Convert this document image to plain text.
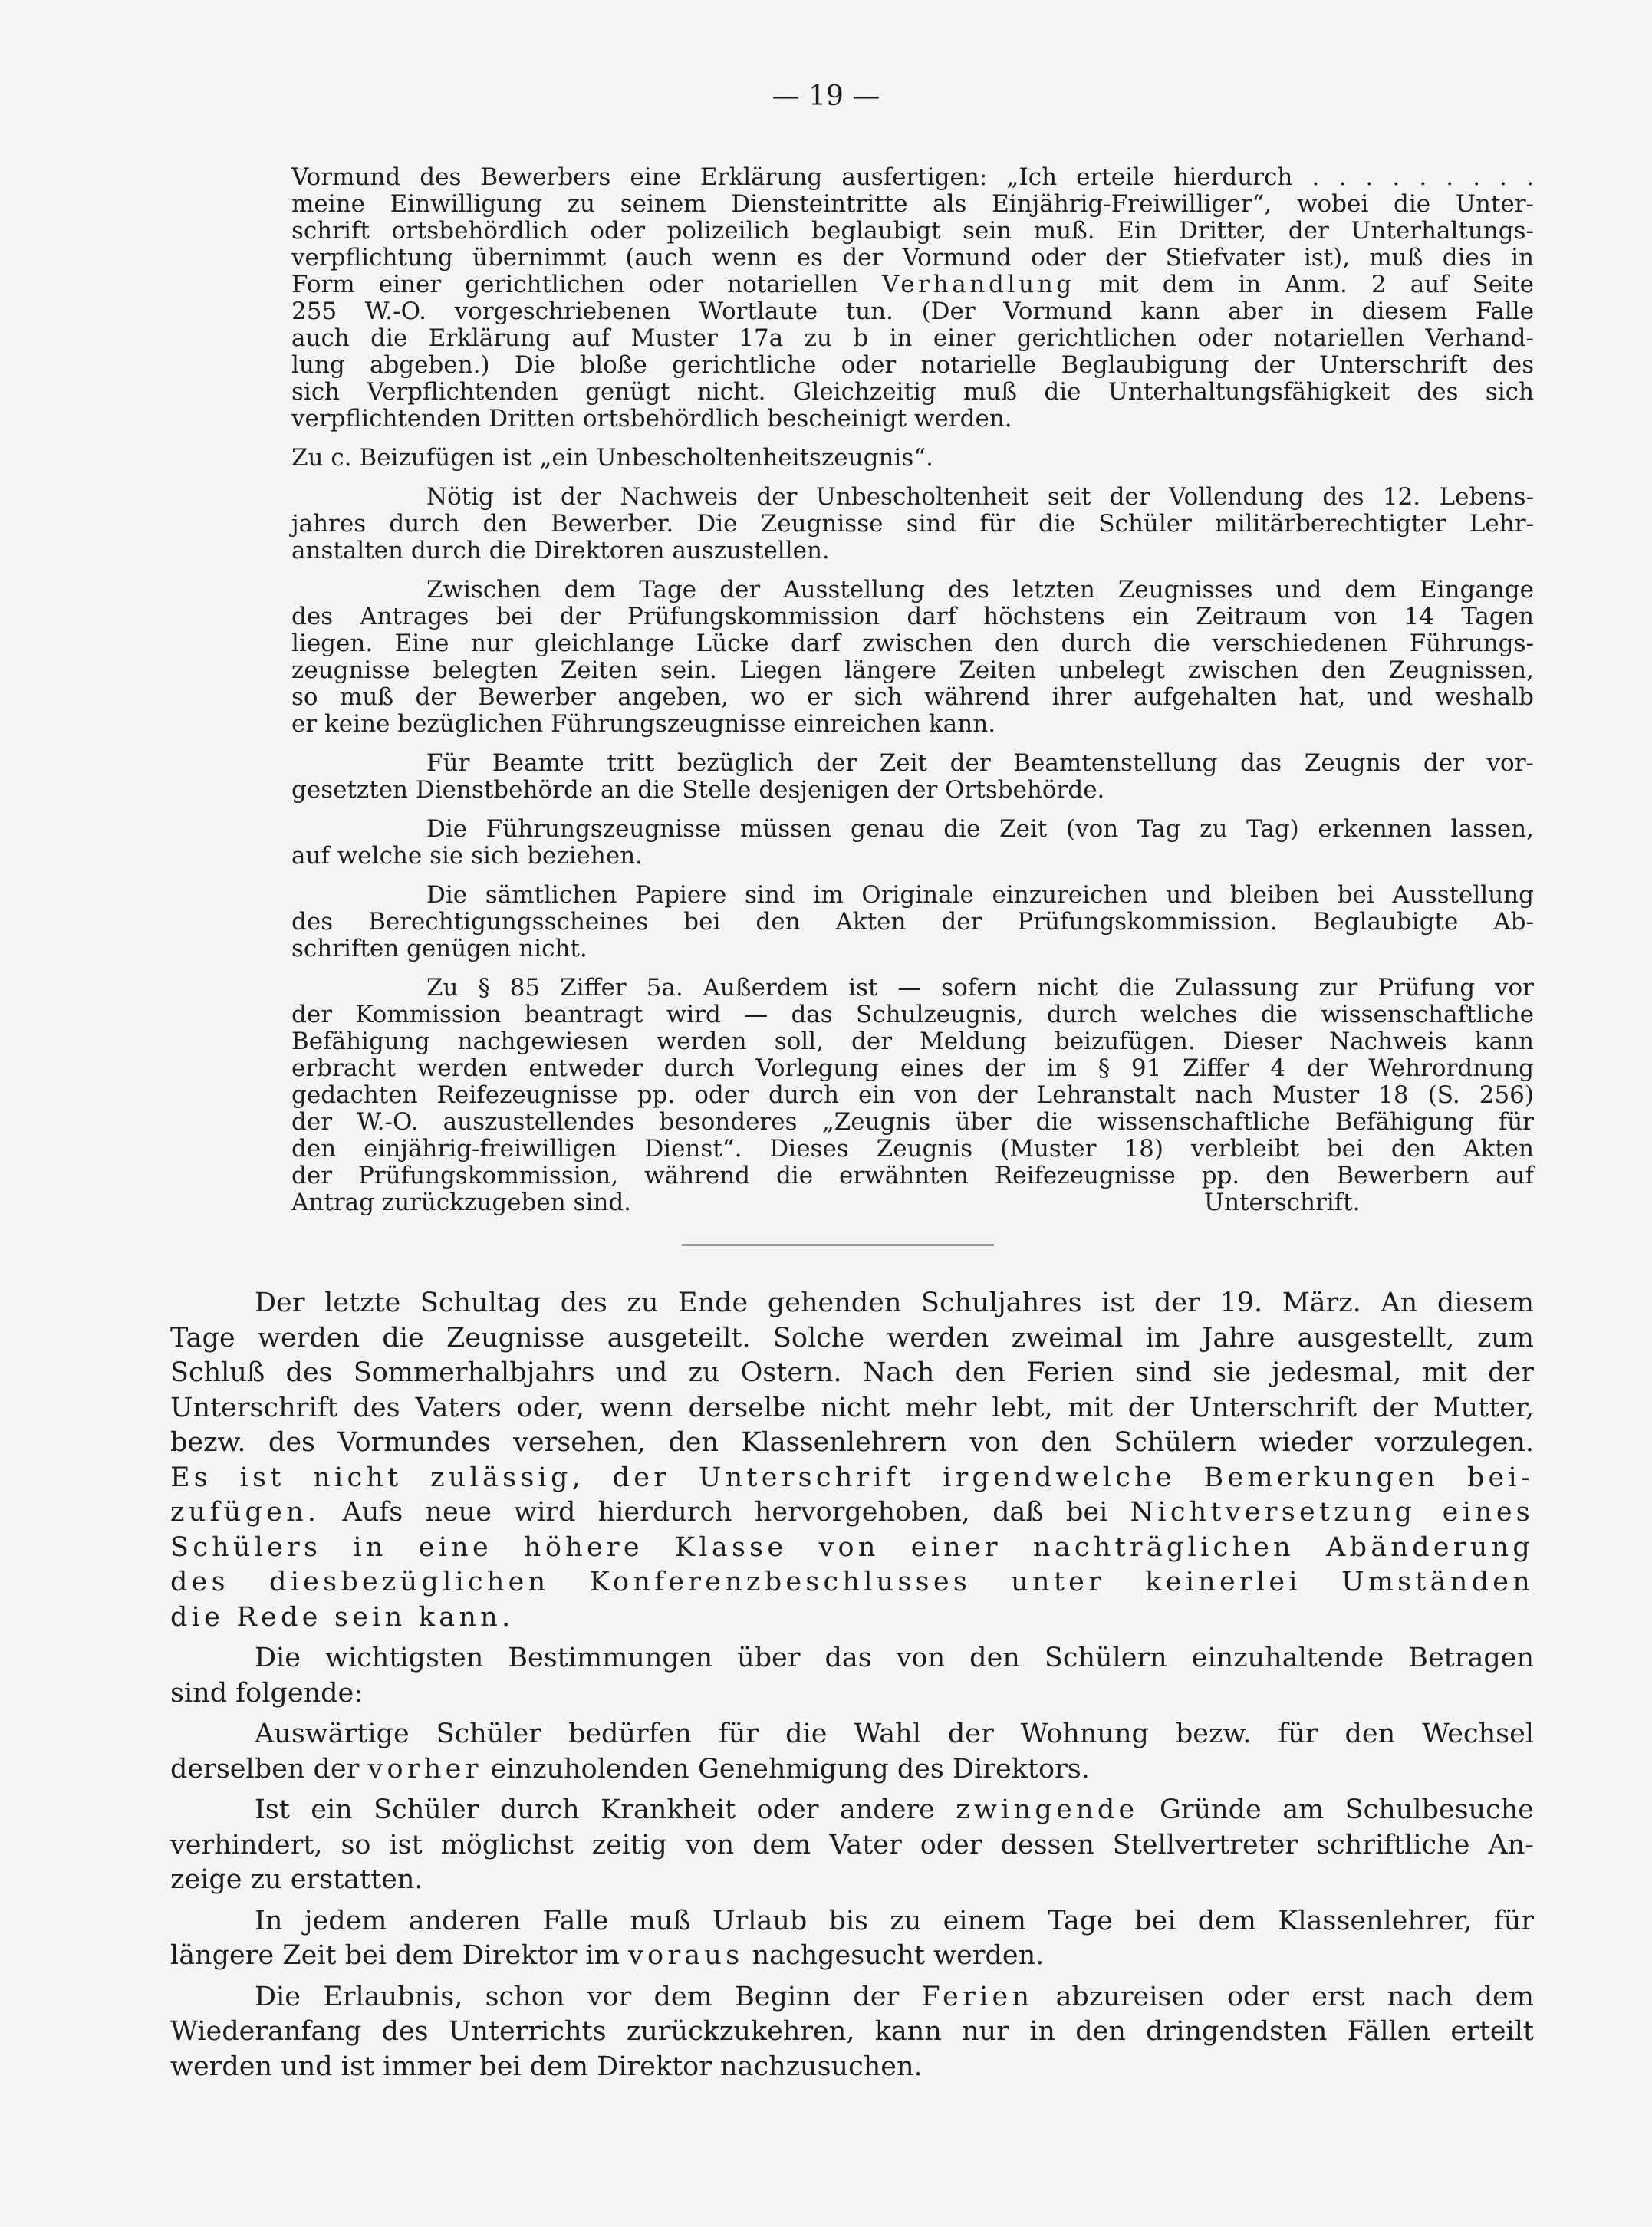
— 19 —
Vormund des Bewerbers eine Erklärung ausfertigen: „Ich erteile hierdurch . . . . . . . . .
meine Einwilligung zu seinem Diensteintritte als Einjährig-Freiwilliger“, wobei die Unter-
schrift ortsbehördlich oder polizeilich beglaubigt sein muß. Ein Dritter, der Unterhaltungs-
verpflichtung übernimmt (auch wenn es der Vormund oder der Stiefvater ist), muß dies in
Form einer gerichtlichen oder notariellen Verhandlung mit dem in Anm. 2 auf Seite
255 W.-O. vorgeschriebenen Wortlaute tun. (Der Vormund kann aber in diesem Falle
auch die Erklärung auf Muster 17a zu b in einer gerichtlichen oder notariellen Verhand-
lung abgeben.) Die bloße gerichtliche oder notarielle Beglaubigung der Unterschrift des
sich Verpflichtenden genügt nicht. Gleichzeitig muß die Unterhaltungsfähigkeit des sich
verpflichtenden Dritten ortsbehördlich bescheinigt werden.
Zu c. Beizufügen ist „ein Unbescholtenheitszeugnis“.
Nötig ist der Nachweis der Unbescholtenheit seit der Vollendung des 12. Lebens-
jahres durch den Bewerber. Die Zeugnisse sind für die Schüler militärberechtigter Lehr-
anstalten durch die Direktoren auszustellen.
Zwischen dem Tage der Ausstellung des letzten Zeugnisses und dem Eingange
des Antrages bei der Prüfungskommission darf höchstens ein Zeitraum von 14 Tagen
liegen. Eine nur gleichlange Lücke darf zwischen den durch die verschiedenen Führungs-
zeugnisse belegten Zeiten sein. Liegen längere Zeiten unbelegt zwischen den Zeugnissen,
so muß der Bewerber angeben, wo er sich während ihrer aufgehalten hat, und weshalb
er keine bezüglichen Führungszeugnisse einreichen kann.
Für Beamte tritt bezüglich der Zeit der Beamtenstellung das Zeugnis der vor-
gesetzten Dienstbehörde an die Stelle desjenigen der Ortsbehörde.
Die Führungszeugnisse müssen genau die Zeit (von Tag zu Tag) erkennen lassen,
auf welche sie sich beziehen.
Die sämtlichen Papiere sind im Originale einzureichen und bleiben bei Ausstellung
des Berechtigungsscheines bei den Akten der Prüfungskommission. Beglaubigte Ab-
schriften genügen nicht.
Zu § 85 Ziffer 5a. Außerdem ist — sofern nicht die Zulassung zur Prüfung vor
der Kommission beantragt wird — das Schulzeugnis, durch welches die wissenschaftliche
Befähigung nachgewiesen werden soll, der Meldung beizufügen. Dieser Nachweis kann
erbracht werden entweder durch Vorlegung eines der im § 91 Ziffer 4 der Wehrordnung
gedachten Reifezeugnisse pp. oder durch ein von der Lehranstalt nach Muster 18 (S. 256)
der W.-O. auszustellendes besonderes „Zeugnis über die wissenschaftliche Befähigung für
den einjährig-freiwilligen Dienst“. Dieses Zeugnis (Muster 18) verbleibt bei den Akten
der Prüfungskommission, während die erwähnten Reifezeugnisse pp. den Bewerbern auf
Antrag zurückzugeben sind.	Unterschrift.
Der letzte Schultag des zu Ende gehenden Schuljahres ist der 19. März. An diesem
Tage werden die Zeugnisse ausgeteilt. Solche werden zweimal im Jahre ausgestellt, zum
Schluß des Sommerhalbjahrs und zu Ostern. Nach den Ferien sind sie jedesmal, mit der
Unterschrift des Vaters oder, wenn derselbe nicht mehr lebt, mit der Unterschrift der Mutter,
bezw. des Vormundes versehen, den Klassenlehrern von den Schülern wieder vorzulegen.
Es ist nicht zulässig, der Unterschrift irgendwelche Bemerkungen bei-
zufügen. Aufs neue wird hierdurch hervorgehoben, daß bei Nichtversetzung eines
Schülers in eine höhere Klasse von einer nachträglichen Abänderung
des diesbezüglichen Konferenzbeschlusses unter keinerlei Umständen
die Rede sein kann.
Die wichtigsten Bestimmungen über das von den Schülern einzuhaltende Betragen
sind folgende:
Auswärtige Schüler bedürfen für die Wahl der Wohnung bezw. für den Wechsel
derselben der vorher einzuholenden Genehmigung des Direktors.
Ist ein Schüler durch Krankheit oder andere zwingende Gründe am Schulbesuche
verhindert, so ist möglichst zeitig von dem Vater oder dessen Stellvertreter schriftliche An-
zeige zu erstatten.
In jedem anderen Falle muß Urlaub bis zu einem Tage bei dem Klassenlehrer, für
längere Zeit bei dem Direktor im voraus nachgesucht werden.
Die Erlaubnis, schon vor dem Beginn der Ferien abzureisen oder erst nach dem
Wiederanfang des Unterrichts zurückzukehren, kann nur in den dringendsten Fällen erteilt
werden und ist immer bei dem Direktor nachzusuchen.
